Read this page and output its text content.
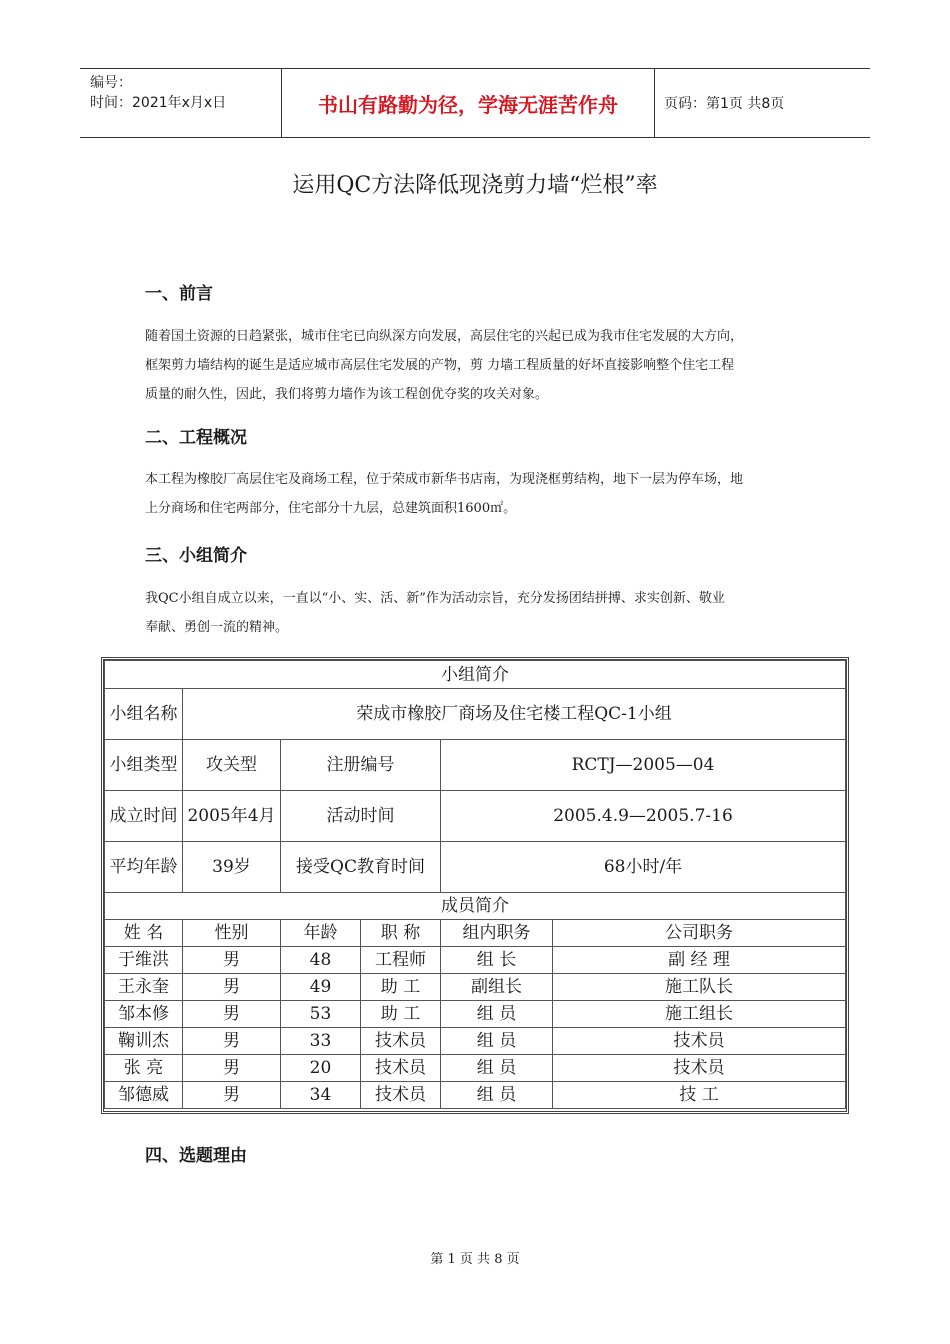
编号：
时间：2021年x月x日	书山有路勤为径，学海无涯苦作舟	页码：第1页 共8页
运用QC方法降低现浇剪力墙“烂根”率
一、前言

随着国土资源的日趋紧张，城市住宅已向纵深方向发展，高层住宅的兴起已成为我市住宅发展的大方向，

框架剪力墙结构的诞生是适应城市高层住宅发展的产物，剪 力墙工程质量的好坏直接影响整个住宅工程

质量的耐久性，因此，我们将剪力墙作为该工程创优夺奖的攻关对象。

二、工程概况

本工程为橡胶厂高层住宅及商场工程，位于荣成市新华书店南，为现浇框剪结构，地下一层为停车场，地

上分商场和住宅两部分，住宅部分十九层，总建筑面积1600㎡。

三、小组简介

我QC小组自成立以来，一直以“小、实、活、新”作为活动宗旨，充分发扬团结拼搏、求实创新、敬业

奉献、勇创一流的精神。

小组简介					
小组名称	荣成市橡胶厂商场及住宅楼工程QC-1小组				
小组类型	攻关型	注册编号		RCTJ—2005—04	
成立时间	2005年4月	活动时间		2005.4.9—2005.7-16	
平均年龄	39岁	接受QC教育时间		68小时/年	
成员简介					
姓 名	性别	年龄	职 称	组内职务	公司职务
于维洪	男	48	工程师	组 长	副 经 理
王永奎	男	49	助 工	副组长	施工队长
邹本修	男	53	助 工	组 员	施工组长
鞠训杰	男	33	技术员	组 员	技术员
张 亮	男	20	技术员	组 员	技术员
邹德威	男	34	技术员	组 员	技 工
四、选题理由
第 1 页 共 8 页
